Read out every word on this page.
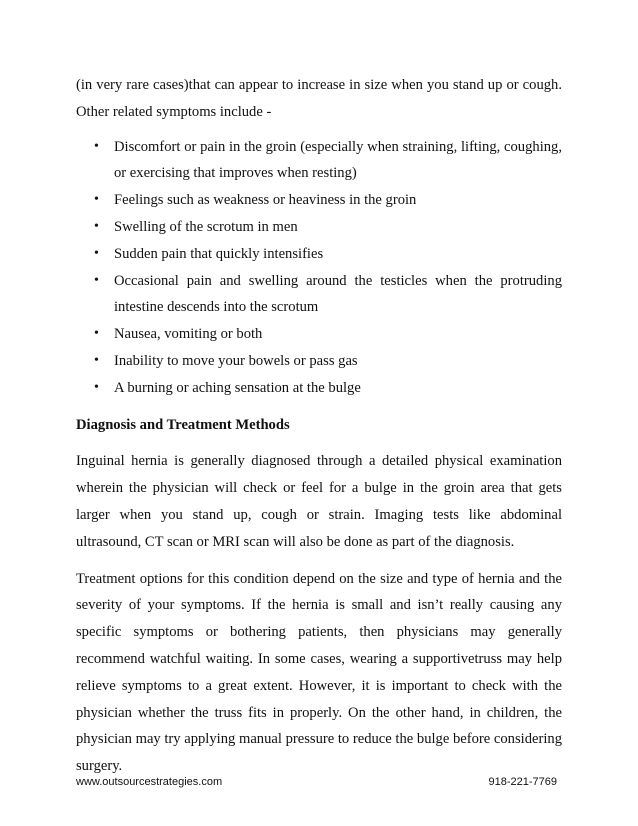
(in very rare cases)that can appear to increase in size when you stand up or cough. Other related symptoms include -

• Discomfort or pain in the groin (especially when straining, lifting, coughing, or exercising that improves when resting)
• Feelings such as weakness or heaviness in the groin
• Swelling of the scrotum in men
• Sudden pain that quickly intensifies
• Occasional pain and swelling around the testicles when the protruding intestine descends into the scrotum
• Nausea, vomiting or both
• Inability to move your bowels or pass gas
• A burning or aching sensation at the bulge
Diagnosis and Treatment Methods

Inguinal hernia is generally diagnosed through a detailed physical examination wherein the physician will check or feel for a bulge in the groin area that gets larger when you stand up, cough or strain. Imaging tests like abdominal ultrasound, CT scan or MRI scan will also be done as part of the diagnosis.

Treatment options for this condition depend on the size and type of hernia and the severity of your symptoms. If the hernia is small and isn’t really causing any specific symptoms or bothering patients, then physicians may generally recommend watchful waiting. In some cases, wearing a supportivetruss may help relieve symptoms to a great extent. However, it is important to check with the physician whether the truss fits in properly. On the other hand, in children, the physician may try applying manual pressure to reduce the bulge before considering surgery.

www.outsourcestrategies.com	918-221-7769
